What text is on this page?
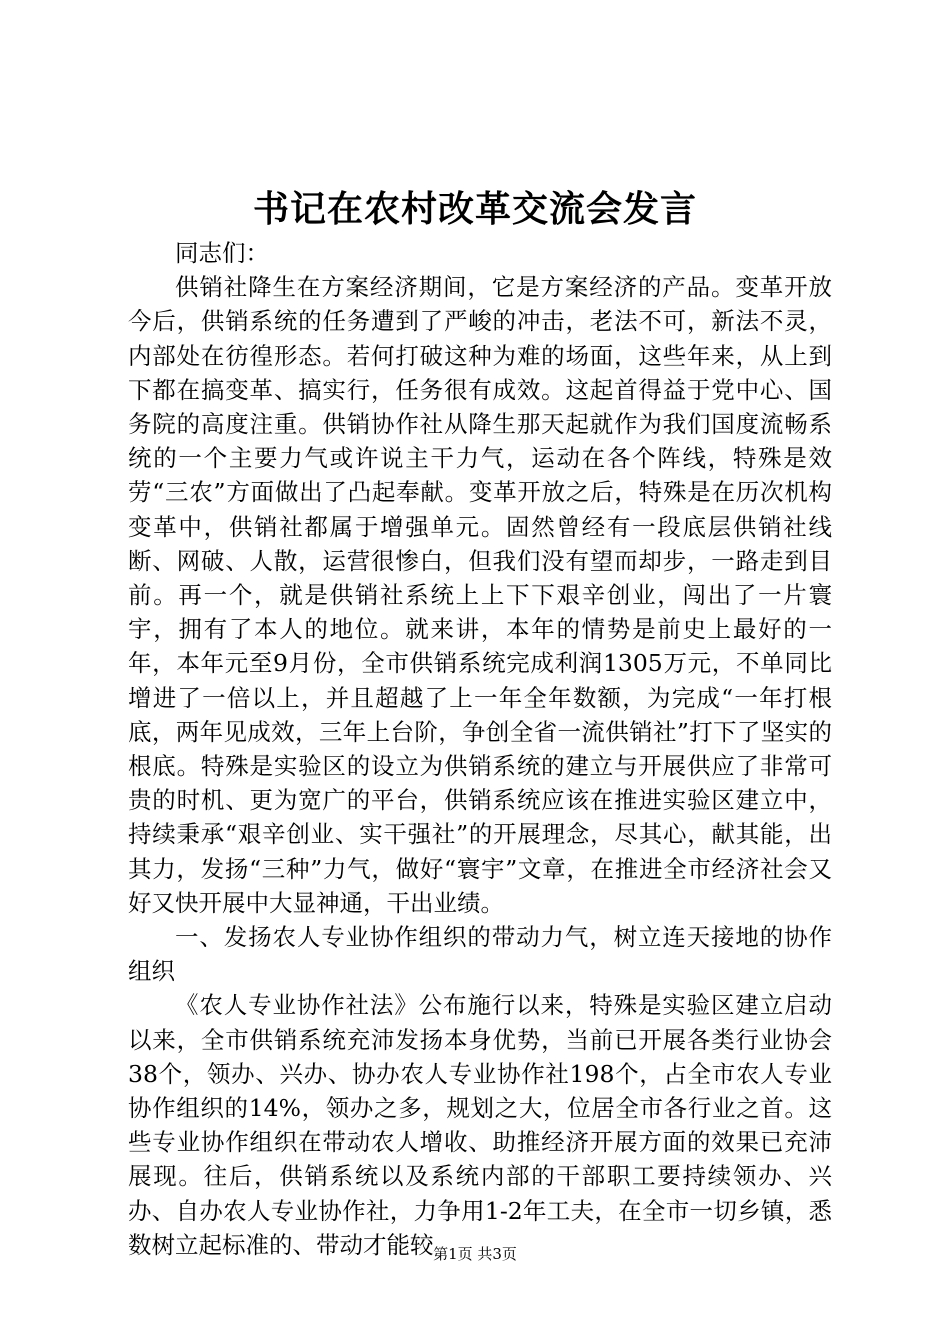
书记在农村改革交流会发言

同志们：

供销社降生在方案经济期间，它是方案经济的产品。变革开放今后，供销系统的任务遭到了严峻的冲击，老法不可，新法不灵，内部处在彷徨形态。若何打破这种为难的场面，这些年来，从上到下都在搞变革、搞实行，任务很有成效。这起首得益于党中心、国务院的高度注重。供销协作社从降生那天起就作为我们国度流畅系统的一个主要力气或许说主干力气，运动在各个阵线，特殊是效劳“三农”方面做出了凸起奉献。变革开放之后，特殊是在历次机构变革中，供销社都属于增强单元。固然曾经有一段底层供销社线断、网破、人散，运营很惨白，但我们没有望而却步，一路走到目前。再一个，就是供销社系统上上下下艰辛创业，闯出了一片寰宇，拥有了本人的地位。就来讲，本年的情势是前史上最好的一年，本年元至9月份，全市供销系统完成利润1305万元，不单同比增进了一倍以上，并且超越了上一年全年数额，为完成“一年打根底，两年见成效，三年上台阶，争创全省一流供销社”打下了坚实的根底。特殊是实验区的设立为供销系统的建立与开展供应了非常可贵的时机、更为宽广的平台，供销系统应该在推进实验区建立中，持续秉承“艰辛创业、实干强社”的开展理念，尽其心，献其能，出其力，发扬“三种”力气，做好“寰宇”文章，在推进全市经济社会又好又快开展中大显神通，干出业绩。

一、发扬农人专业协作组织的带动力气，树立连天接地的协作组织

《农人专业协作社法》公布施行以来，特殊是实验区建立启动以来，全市供销系统充沛发扬本身优势，当前已开展各类行业协会38个，领办、兴办、协办农人专业协作社198个，占全市农人专业协作组织的14%，领办之多，规划之大，位居全市各行业之首。这些专业协作组织在带动农人增收、助推经济开展方面的效果已充沛展现。往后，供销系统以及系统内部的干部职工要持续领办、兴办、自办农人专业协作社，力争用1-2年工夫，在全市一切乡镇，悉数树立起标准的、带动才能较 第1页 共3页
